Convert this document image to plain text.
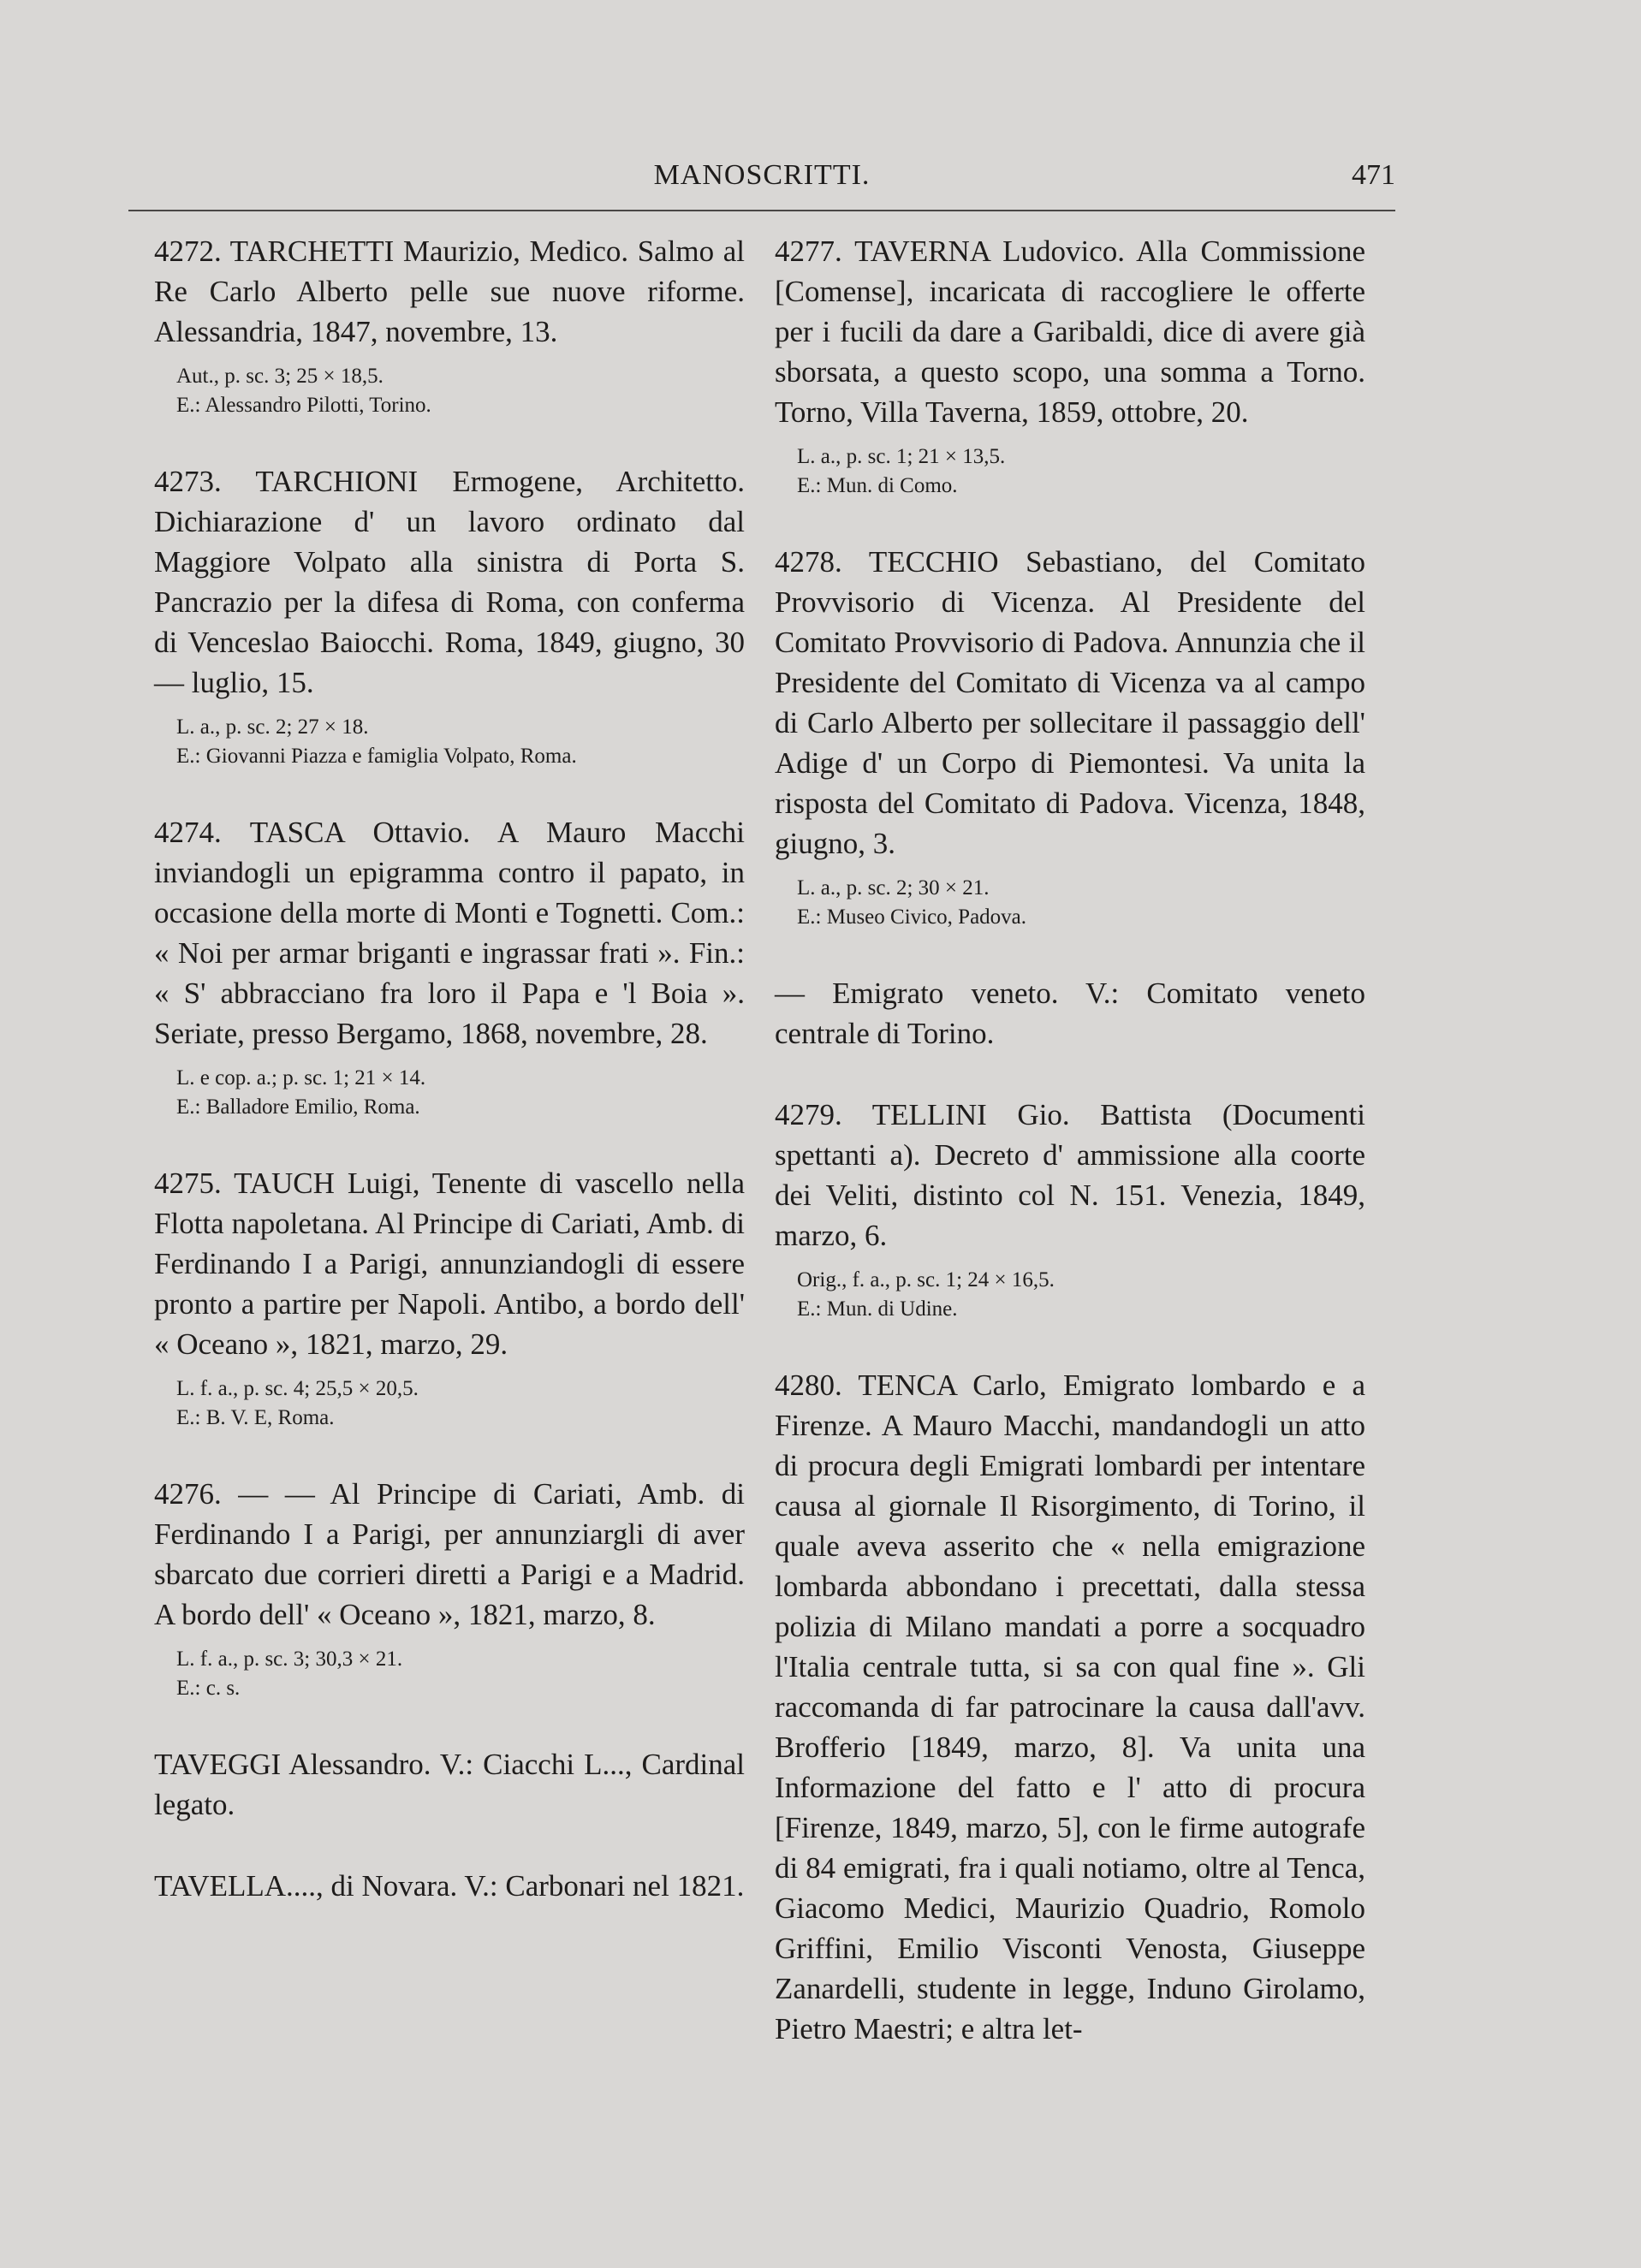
MANOSCRITTI.	471

4272. TARCHETTI Maurizio, Medico. Salmo al Re Carlo Alberto pelle sue nuove riforme. Alessandria, 1847, novembre, 13.

Aut., p. sc. 3; 25 × 18,5.
E.: Alessandro Pilotti, Torino.

4273. TARCHIONI Ermogene, Architetto. Dichiarazione d' un lavoro ordinato dal Maggiore Volpato alla sinistra di Porta S. Pancrazio per la difesa di Roma, con conferma di Venceslao Baiocchi. Roma, 1849, giugno, 30 — luglio, 15.

L. a., p. sc. 2; 27 × 18.
E.: Giovanni Piazza e famiglia Volpato, Roma.

4274. TASCA Ottavio. A Mauro Macchi inviandogli un epigramma contro il papato, in occasione della morte di Monti e Tognetti. Com.: « Noi per armar briganti e ingrassar frati ». Fin.: « S' abbracciano fra loro il Papa e 'l Boia ». Seriate, presso Bergamo, 1868, novembre, 28.

L. e cop. a.; p. sc. 1; 21 × 14.
E.: Balladore Emilio, Roma.

4275. TAUCH Luigi, Tenente di vascello nella Flotta napoletana. Al Principe di Cariati, Amb. di Ferdinando I a Parigi, annunziandogli di essere pronto a partire per Napoli. Antibo, a bordo dell' « Oceano », 1821, marzo, 29.

L. f. a., p. sc. 4; 25,5 × 20,5.
E.: B. V. E, Roma.

4276. — — Al Principe di Cariati, Amb. di Ferdinando I a Parigi, per annunziargli di aver sbarcato due corrieri diretti a Parigi e a Madrid. A bordo dell' « Oceano », 1821, marzo, 8.

L. f. a., p. sc. 3; 30,3 × 21.
E.: c. s.

TAVEGGI Alessandro. V.: Ciacchi L..., Cardinal legato.

TAVELLA...., di Novara. V.: Carbonari nel 1821.

4277. TAVERNA Ludovico. Alla Commissione [Comense], incaricata di raccogliere le offerte per i fucili da dare a Garibaldi, dice di avere già sborsata, a questo scopo, una somma a Torno. Torno, Villa Taverna, 1859, ottobre, 20.

L. a., p. sc. 1; 21 × 13,5.
E.: Mun. di Como.

4278. TECCHIO Sebastiano, del Comitato Provvisorio di Vicenza. Al Presidente del Comitato Provvisorio di Padova. Annunzia che il Presidente del Comitato di Vicenza va al campo di Carlo Alberto per sollecitare il passaggio dell' Adige d' un Corpo di Piemontesi. Va unita la risposta del Comitato di Padova. Vicenza, 1848, giugno, 3.

L. a., p. sc. 2; 30 × 21.
E.: Museo Civico, Padova.

— Emigrato veneto. V.: Comitato veneto centrale di Torino.

4279. TELLINI Gio. Battista (Documenti spettanti a). Decreto d' ammissione alla coorte dei Veliti, distinto col N. 151. Venezia, 1849, marzo, 6.

Orig., f. a., p. sc. 1; 24 × 16,5.
E.: Mun. di Udine.

4280. TENCA Carlo, Emigrato lombardo e a Firenze. A Mauro Macchi, mandandogli un atto di procura degli Emigrati lombardi per intentare causa al giornale Il Risorgimento, di Torino, il quale aveva asserito che « nella emigrazione lombarda abbondano i precettati, dalla stessa polizia di Milano mandati a porre a socquadro l'Italia centrale tutta, si sa con qual fine ». Gli raccomanda di far patrocinare la causa dall'avv. Brofferio [1849, marzo, 8]. Va unita una Informazione del fatto e l' atto di procura [Firenze, 1849, marzo, 5], con le firme autografe di 84 emigrati, fra i quali notiamo, oltre al Tenca, Giacomo Medici, Maurizio Quadrio, Romolo Griffini, Emilio Visconti Venosta, Giuseppe Zanardelli, studente in legge, Induno Girolamo, Pietro Maestri; e altra let-
